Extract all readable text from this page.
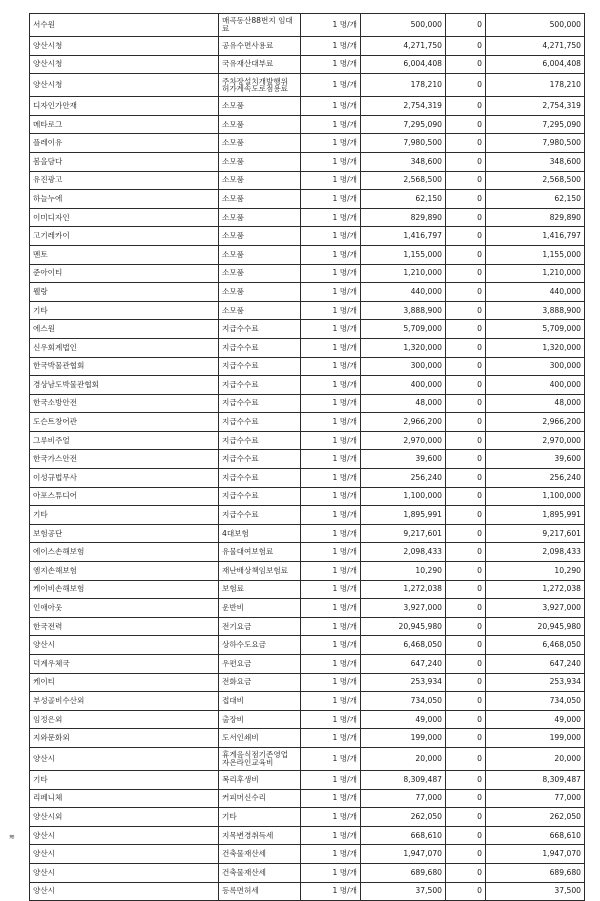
서수원	매곡동산88번지 임대료	1 명/개	500,000	0	500,000
양산시청	공유수면사용료	1 명/개	4,271,750	0	4,271,750
양산시청	국유재산대부료	1 명/개	6,004,408	0	6,004,408
양산시청	주차장설치개발행위 허가계속도로점용료	1 명/개	178,210	0	178,210
디자인가안재	소모품	1 명/개	2,754,319	0	2,754,319
메타로그	소모품	1 명/개	7,295,090	0	7,295,090
플레이유	소모품	1 명/개	7,980,500	0	7,980,500
봄을담다	소모품	1 명/개	348,600	0	348,600
유진광고	소모품	1 명/개	2,568,500	0	2,568,500
하늘누에	소모품	1 명/개	62,150	0	62,150
이미디자인	소모품	1 명/개	829,890	0	829,890
고기레카이	소모품	1 명/개	1,416,797	0	1,416,797
멘토	소모품	1 명/개	1,155,000	0	1,155,000
준아이티	소모품	1 명/개	1,210,000	0	1,210,000
웰랑	소모품	1 명/개	440,000	0	440,000
기타	소모품	1 명/개	3,888,900	0	3,888,900
에스원	지급수수료	1 명/개	5,709,000	0	5,709,000
신우회계법인	지급수수료	1 명/개	1,320,000	0	1,320,000
한국박물관협회	지급수수료	1 명/개	300,000	0	300,000
경상남도박물관협회	지급수수료	1 명/개	400,000	0	400,000
한국소방안전	지급수수료	1 명/개	48,000	0	48,000
도슨트창어관	지급수수료	1 명/개	2,966,200	0	2,966,200
그루비주얼	지급수수료	1 명/개	2,970,000	0	2,970,000
한국가스안전	지급수수료	1 명/개	39,600	0	39,600
이성규법무사	지급수수료	1 명/개	256,240	0	256,240
아포스튜디어	지급수수료	1 명/개	1,100,000	0	1,100,000
기타	지급수수료	1 명/개	1,895,991	0	1,895,991
보험공단	4대보험	1 명/개	9,217,601	0	9,217,601
에이스손해보험	유물대여보험료	1 명/개	2,098,433	0	2,098,433
엠지손해보험	재난배상책임보험료	1 명/개	10,290	0	10,290
케이비손해보험	보험료	1 명/개	1,272,038	0	1,272,038
인애아웃	운반비	1 명/개	3,927,000	0	3,927,000
한국전력	전기요금	1 명/개	20,945,980	0	20,945,980
양산시	상하수도요금	1 명/개	6,468,050	0	6,468,050
덕계우체국	우편요금	1 명/개	647,240	0	647,240
케이티	전화요금	1 명/개	253,934	0	253,934
부성골비수산외	접대비	1 명/개	734,050	0	734,050
임정은외	출장비	1 명/개	49,000	0	49,000
지와문화외	도서인쇄비	1 명/개	199,000	0	199,000
양산시	휴게음식점기존영업 자온라인교육비	1 명/개	20,000	0	20,000
기타	복리후생비	1 명/개	8,309,487	0	8,309,487
리페니체	커피머신수리	1 명/개	77,000	0	77,000
양산시외	기타	1 명/개	262,050	0	262,050
양산시	지목변경취득세	1 명/개	668,610	0	668,610
양산시	건축물재산세	1 명/개	1,947,070	0	1,947,070
양산시	건축물재산세	1 명/개	689,680	0	689,680
양산시	등록면허세	1 명/개	37,500	0	37,500
≋
